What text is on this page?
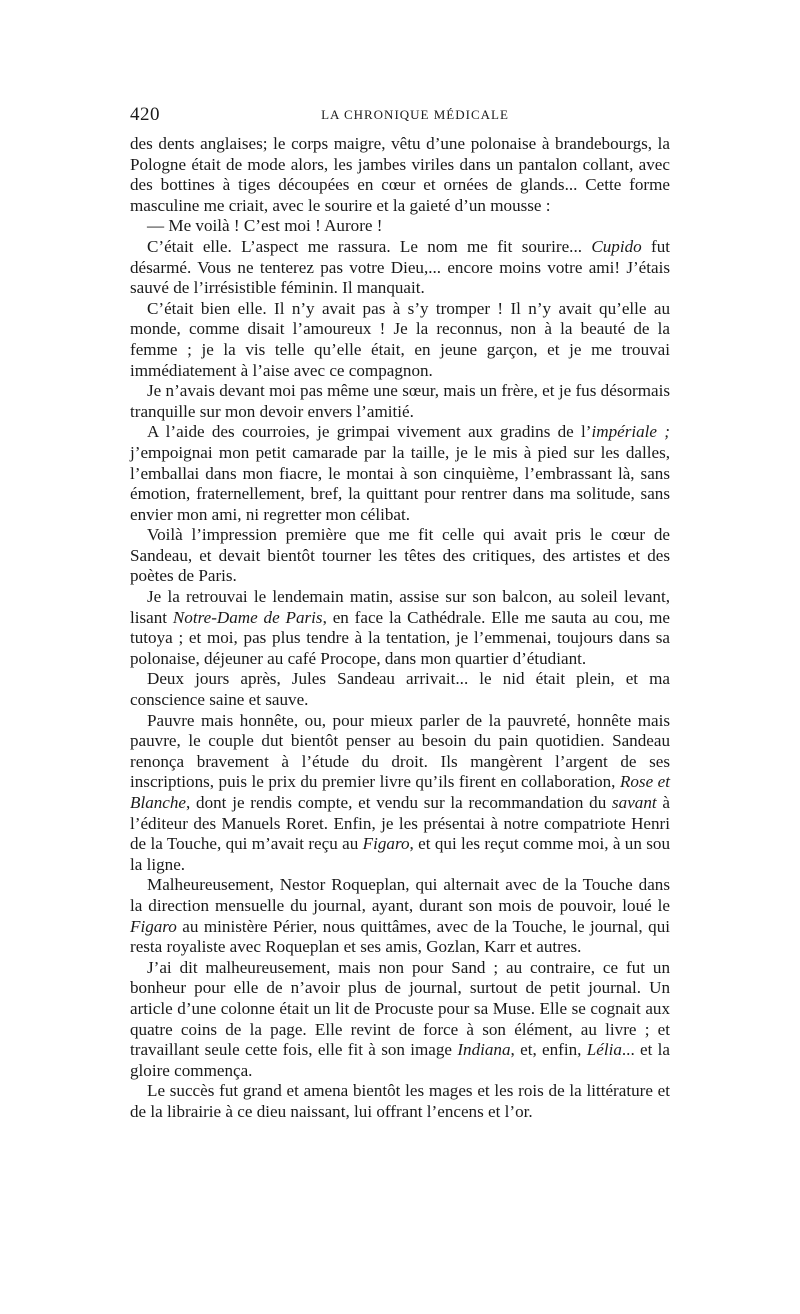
420	LA CHRONIQUE MÉDICALE

des dents anglaises; le corps maigre, vêtu d’une polonaise à brandebourgs, la Pologne était de mode alors, les jambes viriles dans un pantalon collant, avec des bottines à tiges découpées en cœur et ornées de glands... Cette forme masculine me criait, avec le sourire et la gaieté d’un mousse :

— Me voilà ! C’est moi ! Aurore !

C’était elle. L’aspect me rassura. Le nom me fit sourire... Cupido fut désarmé. Vous ne tenterez pas votre Dieu,... encore moins votre ami! J’étais sauvé de l’irrésistible féminin. Il manquait.

C’était bien elle. Il n’y avait pas à s’y tromper ! Il n’y avait qu’elle au monde, comme disait l’amoureux ! Je la reconnus, non à la beauté de la femme ; je la vis telle qu’elle était, en jeune garçon, et je me trouvai immédiatement à l’aise avec ce compagnon.

Je n’avais devant moi pas même une sœur, mais un frère, et je fus désormais tranquille sur mon devoir envers l’amitié.

A l’aide des courroies, je grimpai vivement aux gradins de l’impériale ; j’empoignai mon petit camarade par la taille, je le mis à pied sur les dalles, l’emballai dans mon fiacre, le montai à son cinquième, l’embrassant là, sans émotion, fraternellement, bref, la quittant pour rentrer dans ma solitude, sans envier mon ami, ni regretter mon célibat.

Voilà l’impression première que me fit celle qui avait pris le cœur de Sandeau, et devait bientôt tourner les têtes des critiques, des artistes et des poètes de Paris.

Je la retrouvai le lendemain matin, assise sur son balcon, au soleil levant, lisant Notre-Dame de Paris, en face la Cathédrale. Elle me sauta au cou, me tutoya ; et moi, pas plus tendre à la tentation, je l’emmenai, toujours dans sa polonaise, déjeuner au café Procope, dans mon quartier d’étudiant.

Deux jours après, Jules Sandeau arrivait... le nid était plein, et ma conscience saine et sauve.

Pauvre mais honnête, ou, pour mieux parler de la pauvreté, honnête mais pauvre, le couple dut bientôt penser au besoin du pain quotidien. Sandeau renonça bravement à l’étude du droit. Ils mangèrent l’argent de ses inscriptions, puis le prix du premier livre qu’ils firent en collaboration, Rose et Blanche, dont je rendis compte, et vendu sur la recommandation du savant à l’éditeur des Manuels Roret. Enfin, je les présentai à notre compatriote Henri de la Touche, qui m’avait reçu au Figaro, et qui les reçut comme moi, à un sou la ligne.

Malheureusement, Nestor Roqueplan, qui alternait avec de la Touche dans la direction mensuelle du journal, ayant, durant son mois de pouvoir, loué le Figaro au ministère Périer, nous quittâmes, avec de la Touche, le journal, qui resta royaliste avec Roqueplan et ses amis, Gozlan, Karr et autres.

J’ai dit malheureusement, mais non pour Sand ; au contraire, ce fut un bonheur pour elle de n’avoir plus de journal, surtout de petit journal. Un article d’une colonne était un lit de Procuste pour sa Muse. Elle se cognait aux quatre coins de la page. Elle revint de force à son élément, au livre ; et travaillant seule cette fois, elle fit à son image Indiana, et, enfin, Lélia... et la gloire commença.

Le succès fut grand et amena bientôt les mages et les rois de la littérature et de la librairie à ce dieu naissant, lui offrant l’encens et l’or.
